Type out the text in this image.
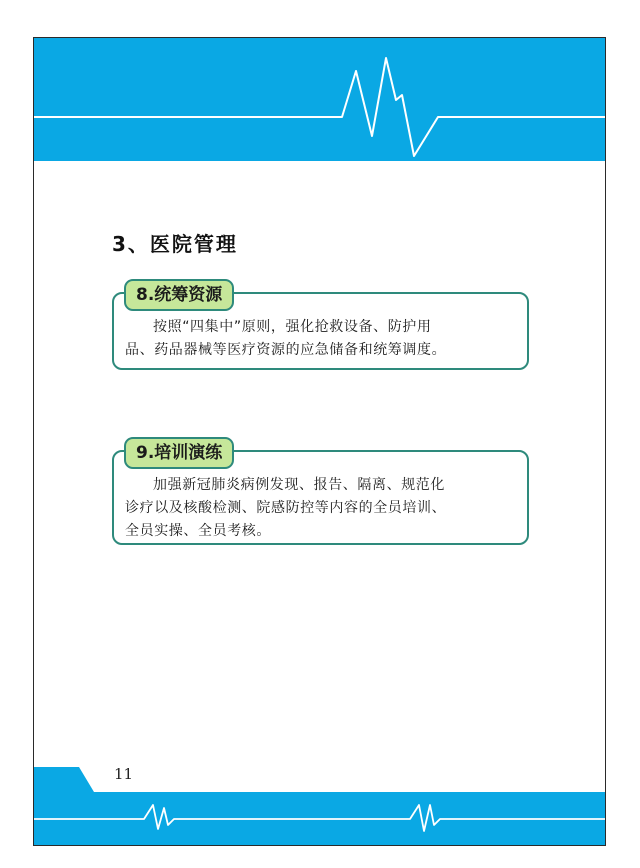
3、医院管理
8.统筹资源

按照“四集中”原则，强化抢救设备、防护用

品、药品器械等医疗资源的应急储备和统筹调度。

9.培训演练

加强新冠肺炎病例发现、报告、隔离、规范化

诊疗以及核酸检测、院感防控等内容的全员培训、

全员实操、全员考核。

11
